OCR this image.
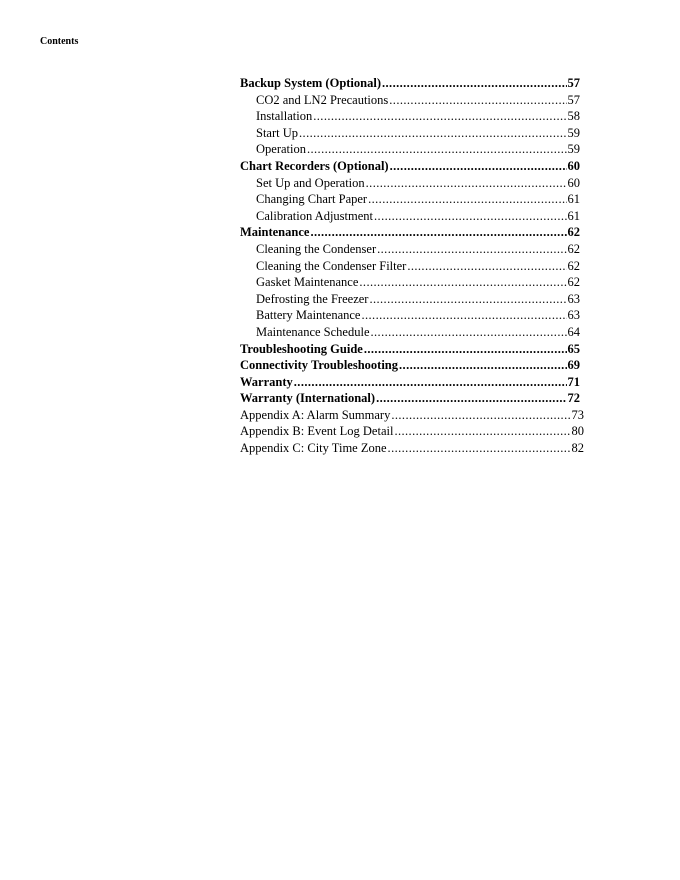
Contents
Backup System (Optional) .....	57
CO2 and LN2 Precautions .....	57
Installation .....	58
Start Up .....	59
Operation .....	59
Chart Recorders (Optional) .....	60
Set Up and Operation .....	60
Changing Chart Paper .....	61
Calibration Adjustment .....	61
Maintenance .....	62
Cleaning the Condenser .....	62
Cleaning the Condenser Filter .....	62
Gasket Maintenance .....	62
Defrosting the Freezer .....	63
Battery Maintenance .....	63
Maintenance Schedule .....	64
Troubleshooting Guide .....	65
Connectivity Troubleshooting .....	69
Warranty .....	71
Warranty (International) .....	72
Appendix A: Alarm Summary .....	73
Appendix B: Event Log Detail .....	80
Appendix C: City Time Zone .....	82
